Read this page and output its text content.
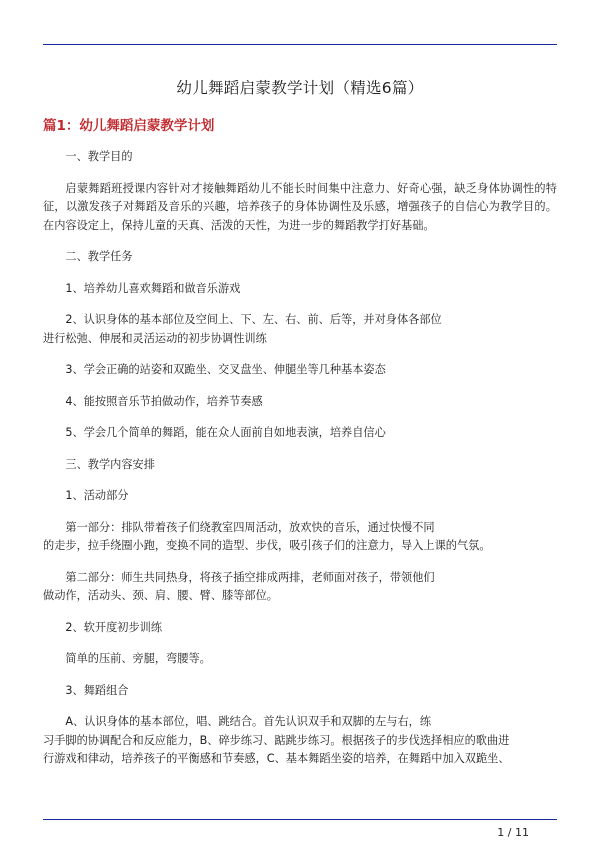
幼儿舞蹈启蒙教学计划（精选6篇）
篇1：幼儿舞蹈启蒙教学计划

一、教学目的

启蒙舞蹈班授课内容针对才接触舞蹈幼儿不能长时间集中注意力、好奇心强，缺乏身体协调性的特征，以激发孩子对舞蹈及音乐的兴趣，培养孩子的身体协调性及乐感，增强孩子的自信心为教学目的。在内容设定上，保持儿童的天真、活泼的天性，为进一步的舞蹈教学打好基础。

二、教学任务

1、培养幼儿喜欢舞蹈和做音乐游戏

2、认识身体的基本部位及空间上、下、左、右、前、后等，并对身体各部位
进行松弛、伸展和灵活运动的初步协调性训练

3、学会正确的站姿和双跪坐、交叉盘坐、伸腿坐等几种基本姿态

4、能按照音乐节拍做动作，培养节奏感

5、学会几个简单的舞蹈，能在众人面前自如地表演，培养自信心

三、教学内容安排

1、活动部分

第一部分：排队带着孩子们绕教室四周活动，放欢快的音乐，通过快慢不同
的走步，拉手绕圈小跑，变换不同的造型、步伐，吸引孩子们的注意力，导入上课的气氛。

第二部分：师生共同热身，将孩子插空排成两排，老师面对孩子，带领他们
做动作，活动头、颈、肩、腰、臂、膝等部位。

2、软开度初步训练

简单的压前、旁腿，弯腰等。

3、舞蹈组合

A、认识身体的基本部位，唱、跳结合。首先认识双手和双脚的左与右，练
习手脚的协调配合和反应能力，B、碎步练习、踮跳步练习。根据孩子的步伐选择相应的歌曲进
行游戏和律动，培养孩子的平衡感和节奏感，C、基本舞蹈坐姿的培养，在舞蹈中加入双跪坐、

1 / 11
